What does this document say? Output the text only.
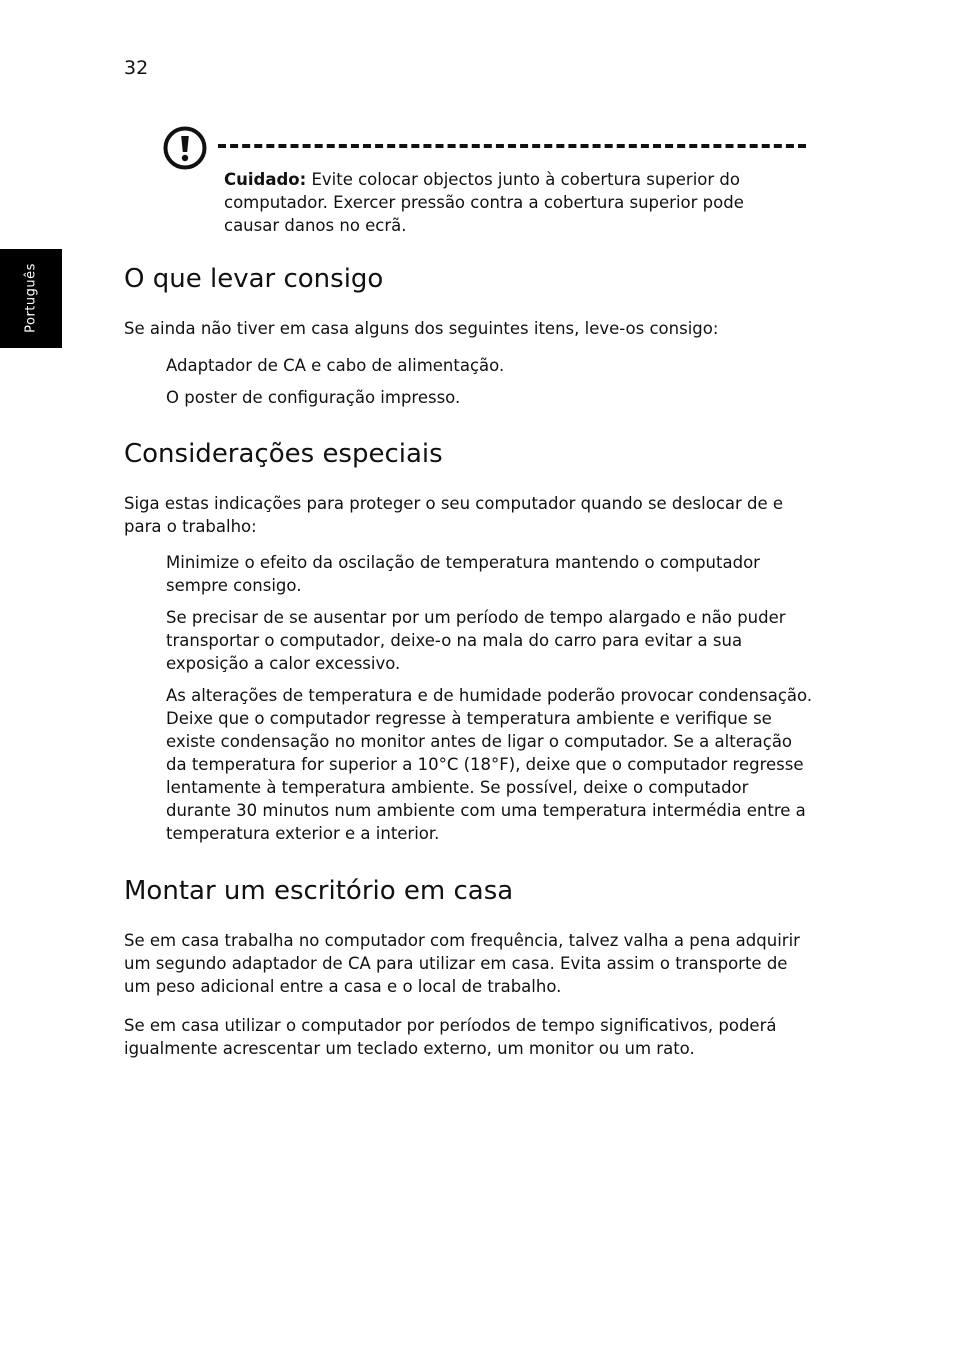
32
Português
Cuidado: Evite colocar objectos junto à cobertura superior do computador. Exercer pressão contra a cobertura superior pode causar danos no ecrã.
O que levar consigo

Se ainda não tiver em casa alguns dos seguintes itens, leve-os consigo:

Adaptador de CA e cabo de alimentação.

O poster de configuração impresso.

Considerações especiais

Siga estas indicações para proteger o seu computador quando se deslocar de e para o trabalho:

Minimize o efeito da oscilação de temperatura mantendo o computador sempre consigo.

Se precisar de se ausentar por um período de tempo alargado e não puder transportar o computador, deixe-o na mala do carro para evitar a sua exposição a calor excessivo.

As alterações de temperatura e de humidade poderão provocar condensação. Deixe que o computador regresse à temperatura ambiente e verifique se existe condensação no monitor antes de ligar o computador. Se a alteração da temperatura for superior a 10°C (18°F), deixe que o computador regresse lentamente à temperatura ambiente. Se possível, deixe o computador durante 30 minutos num ambiente com uma temperatura intermédia entre a temperatura exterior e a interior.

Montar um escritório em casa

Se em casa trabalha no computador com frequência, talvez valha a pena adquirir um segundo adaptador de CA para utilizar em casa. Evita assim o transporte de um peso adicional entre a casa e o local de trabalho.

Se em casa utilizar o computador por períodos de tempo significativos, poderá igualmente acrescentar um teclado externo, um monitor ou um rato.
